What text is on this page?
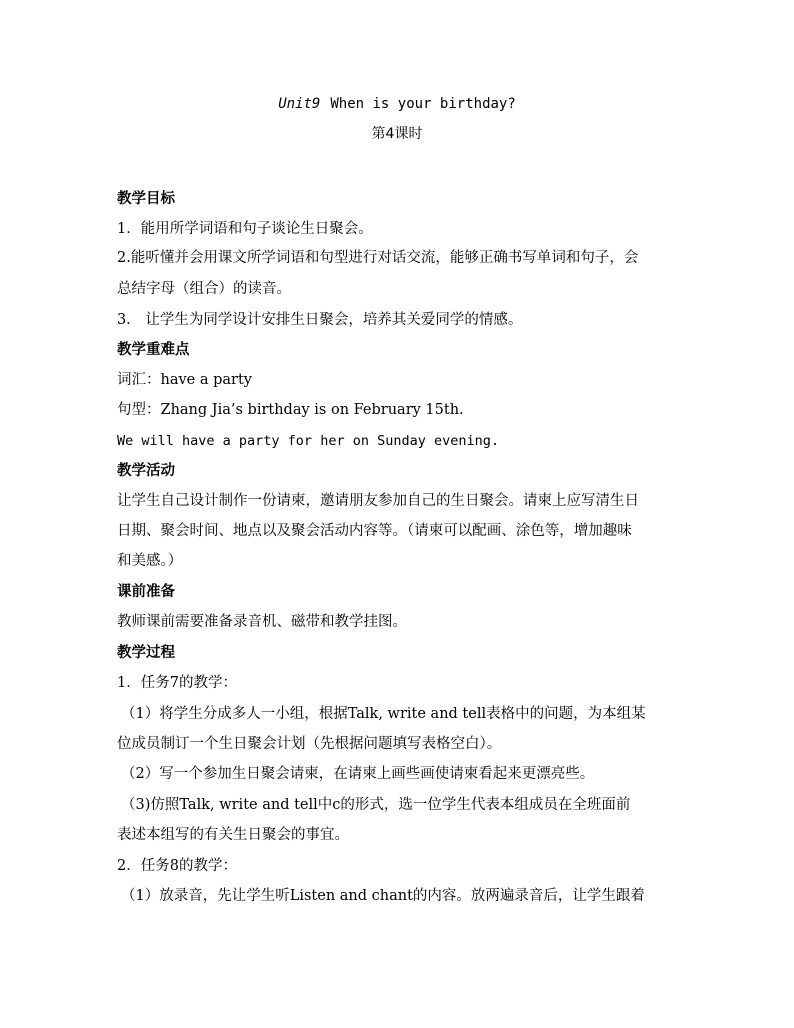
Unit9 When is your birthday?
第4课时
教学目标
1．能用所学词语和句子谈论生日聚会。
2.能听懂并会用课文所学词语和句型进行对话交流，能够正确书写单词和句子，会
总结字母（组合）的读音。
3． 让学生为同学设计安排生日聚会，培养其关爱同学的情感。
教学重难点
词汇：have a party
句型：Zhang Jia’s birthday is on February 15th.
We will have a party for her on Sunday evening.
教学活动
让学生自己设计制作一份请柬，邀请朋友参加自己的生日聚会。请柬上应写清生日
日期、聚会时间、地点以及聚会活动内容等。（请柬可以配画、涂色等，增加趣味
和美感。）
课前准备
教师课前需要准备录音机、磁带和教学挂图。
教学过程
1．任务7的教学：
（1）将学生分成多人一小组，根据Talk, write and tell表格中的问题，为本组某
位成员制订一个生日聚会计划（先根据问题填写表格空白）。
（2）写一个参加生日聚会请柬，在请柬上画些画使请柬看起来更漂亮些。
（3)仿照Talk, write and tell中c的形式，选一位学生代表本组成员在全班面前
表述本组写的有关生日聚会的事宜。
2．任务8的教学：
（1）放录音，先让学生听Listen and chant的内容。放两遍录音后，让学生跟着
